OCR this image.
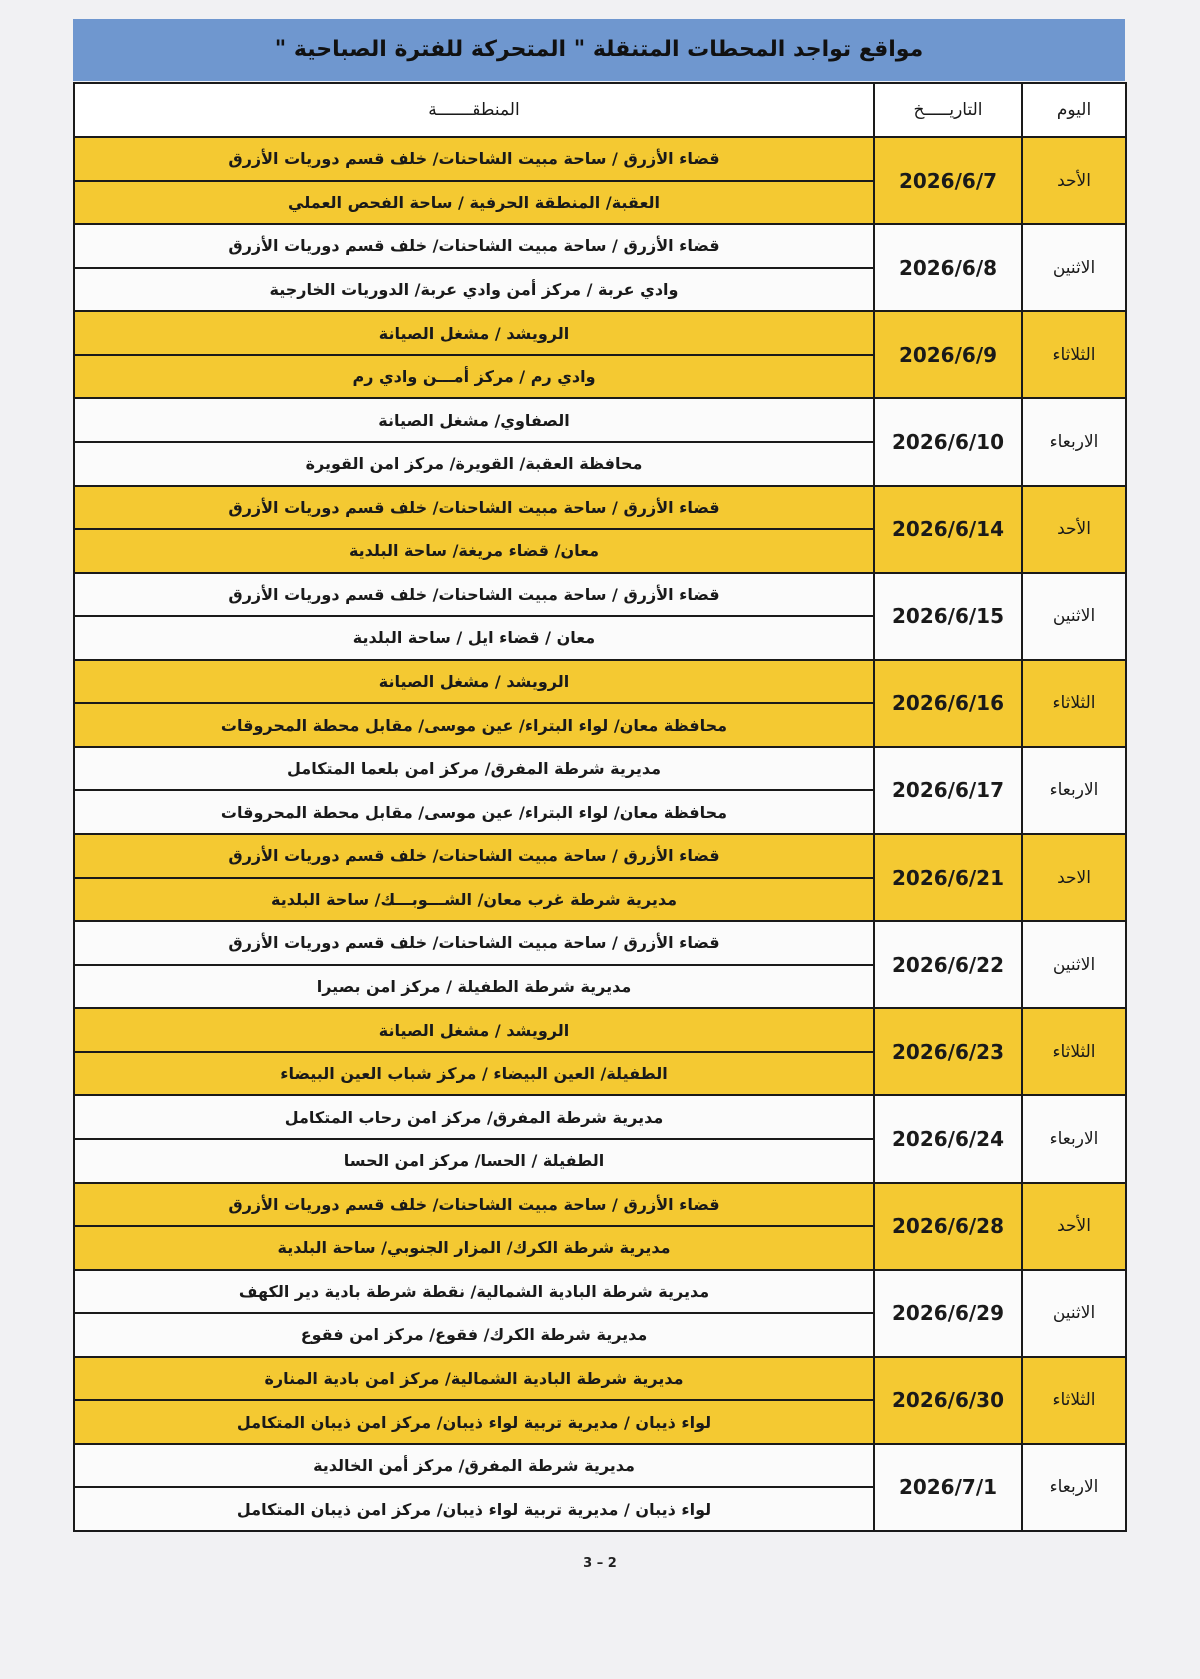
مواقع تواجد المحطات المتنقلة " المتحركة للفترة الصباحية "
اليوم	التاريـــــخ	المنطقـــــــة
الأحد	2026/6/7	قضاء الأزرق / ساحة مبيت الشاحنات/ خلف قسم دوريات الأزرق
		العقبة/ المنطقة الحرفية / ساحة الفحص العملي
الاثنين	2026/6/8	قضاء الأزرق / ساحة مبيت الشاحنات/ خلف قسم دوريات الأزرق
		وادي عربة / مركز أمن وادي عربة/ الدوريات الخارجية
الثلاثاء	2026/6/9	الرويشد / مشغل الصيانة
		وادي رم / مركز أمـــن وادي رم
الاربعاء	2026/6/10	الصفاوي/ مشغل الصيانة
		محافظة العقبة/ القويرة/ مركز امن القويرة
الأحد	2026/6/14	قضاء الأزرق / ساحة مبيت الشاحنات/ خلف قسم دوريات الأزرق
		معان/ قضاء مريغة/ ساحة البلدية
الاثنين	2026/6/15	قضاء الأزرق / ساحة مبيت الشاحنات/ خلف قسم دوريات الأزرق
		معان / قضاء ايل / ساحة البلدية
الثلاثاء	2026/6/16	الرويشد / مشغل الصيانة
		محافظة معان/ لواء البتراء/ عين موسى/ مقابل محطة المحروقات
الاربعاء	2026/6/17	مديرية شرطة المفرق/ مركز امن بلعما المتكامل
		محافظة معان/ لواء البتراء/ عين موسى/ مقابل محطة المحروقات
الاحد	2026/6/21	قضاء الأزرق / ساحة مبيت الشاحنات/ خلف قسم دوريات الأزرق
		مديرية شرطة غرب معان/ الشـــوبـــك/ ساحة البلدية
الاثنين	2026/6/22	قضاء الأزرق / ساحة مبيت الشاحنات/ خلف قسم دوريات الأزرق
		مديرية شرطة الطفيلة / مركز امن بصيرا
الثلاثاء	2026/6/23	الرويشد / مشغل الصيانة
		الطفيلة/ العين البيضاء / مركز شباب العين البيضاء
الاربعاء	2026/6/24	مديرية شرطة المفرق/ مركز امن رحاب المتكامل
		الطفيلة / الحسا/ مركز امن الحسا
الأحد	2026/6/28	قضاء الأزرق / ساحة مبيت الشاحنات/ خلف قسم دوريات الأزرق
		مديرية شرطة الكرك/ المزار الجنوبي/ ساحة البلدية
الاثنين	2026/6/29	مديرية شرطة البادية الشمالية/ نقطة شرطة بادية دير الكهف
		مديرية شرطة الكرك/ فقوع/ مركز امن فقوع
الثلاثاء	2026/6/30	مديرية شرطة البادية الشمالية/ مركز امن بادية المنارة
		لواء ذيبان / مديرية تربية لواء ذيبان/ مركز امن ذيبان المتكامل
الاربعاء	2026/7/1	مديرية شرطة المفرق/ مركز أمن الخالدية
		لواء ذيبان / مديرية تربية لواء ذيبان/ مركز امن ذيبان المتكامل
3 – 2
